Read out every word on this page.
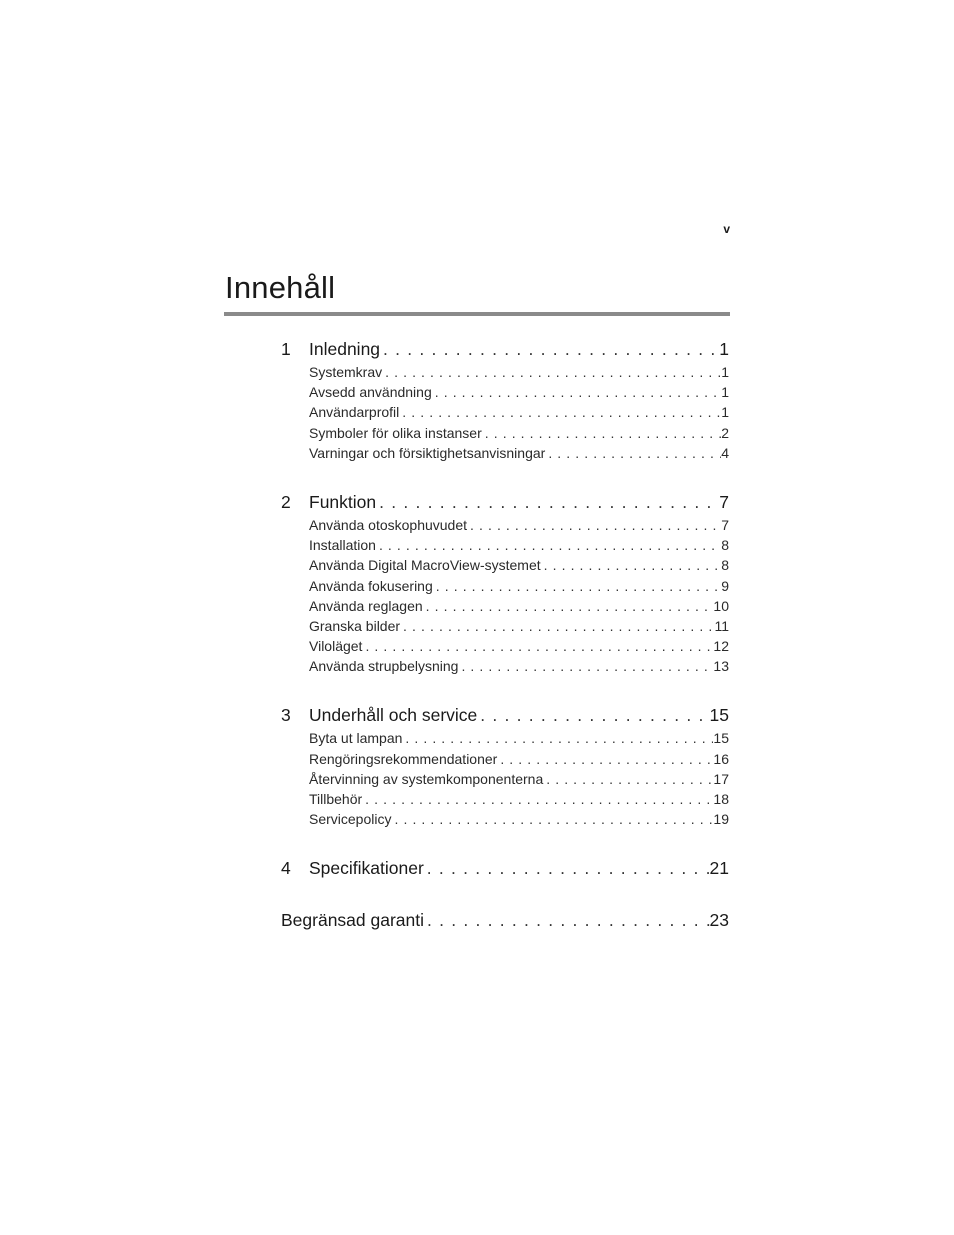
v
Innehåll
1	Inledning . . .	1
Systemkrav . . .	1
Avsedd användning . . .	1
Användarprofil . . .	1
Symboler för olika instanser . . .	2
Varningar och försiktighetsanvisningar . . .	4
2	Funktion . . .	7
Använda otoskophuvudet . . .	7
Installation . . .	8
Använda Digital MacroView-systemet . . .	8
Använda fokusering . . .	9
Använda reglagen . . .	10
Granska bilder . . .	11
Viloläget . . .	12
Använda strupbelysning . . .	13
3	Underhåll och service . . .	15
Byta ut lampan . . .	15
Rengöringsrekommendationer . . .	16
Återvinning av systemkomponenterna . . .	17
Tillbehör . . .	18
Servicepolicy . . .	19
4	Specifikationer . . .	21
Begränsad garanti . . .	23
